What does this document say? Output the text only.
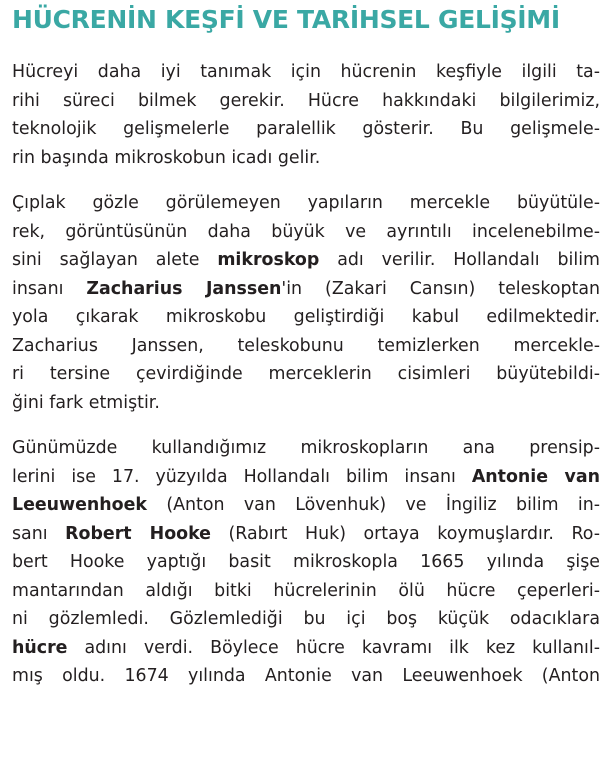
HÜCRENİN KEŞFİ VE TARİHSEL GELİŞİMİ

Hücreyi daha iyi tanımak için hücrenin keşfiyle ilgili ta-
rihi süreci bilmek gerekir. Hücre hakkındaki bilgilerimiz,
teknolojik gelişmelerle paralellik gösterir. Bu gelişmele-
rin başında mikroskobun icadı gelir.

Çıplak gözle görülemeyen yapıların mercekle büyütüle-
rek, görüntüsünün daha büyük ve ayrıntılı incelenebilme-
sini sağlayan alete mikroskop adı verilir. Hollandalı bilim
insanı Zacharius Janssen'in (Zakari Cansın) teleskoptan
yola çıkarak mikroskobu geliştirdiği kabul edilmektedir.
Zacharius Janssen, teleskobunu temizlerken mercekle-
ri tersine çevirdiğinde merceklerin cisimleri büyütebildi-
ğini fark etmiştir.

Günümüzde kullandığımız mikroskopların ana prensip-
lerini ise 17. yüzyılda Hollandalı bilim insanı Antonie van
Leeuwenhoek (Anton van Lövenhuk) ve İngiliz bilim in-
sanı Robert Hooke (Rabırt Huk) ortaya koymuşlardır. Ro-
bert Hooke yaptığı basit mikroskopla 1665 yılında şişe
mantarından aldığı bitki hücrelerinin ölü hücre çeperleri-
ni gözlemledi. Gözlemlediği bu içi boş küçük odacıklara
hücre adını verdi. Böylece hücre kavramı ilk kez kullanıl-
mış oldu. 1674 yılında Antonie van Leeuwenhoek (Anton
